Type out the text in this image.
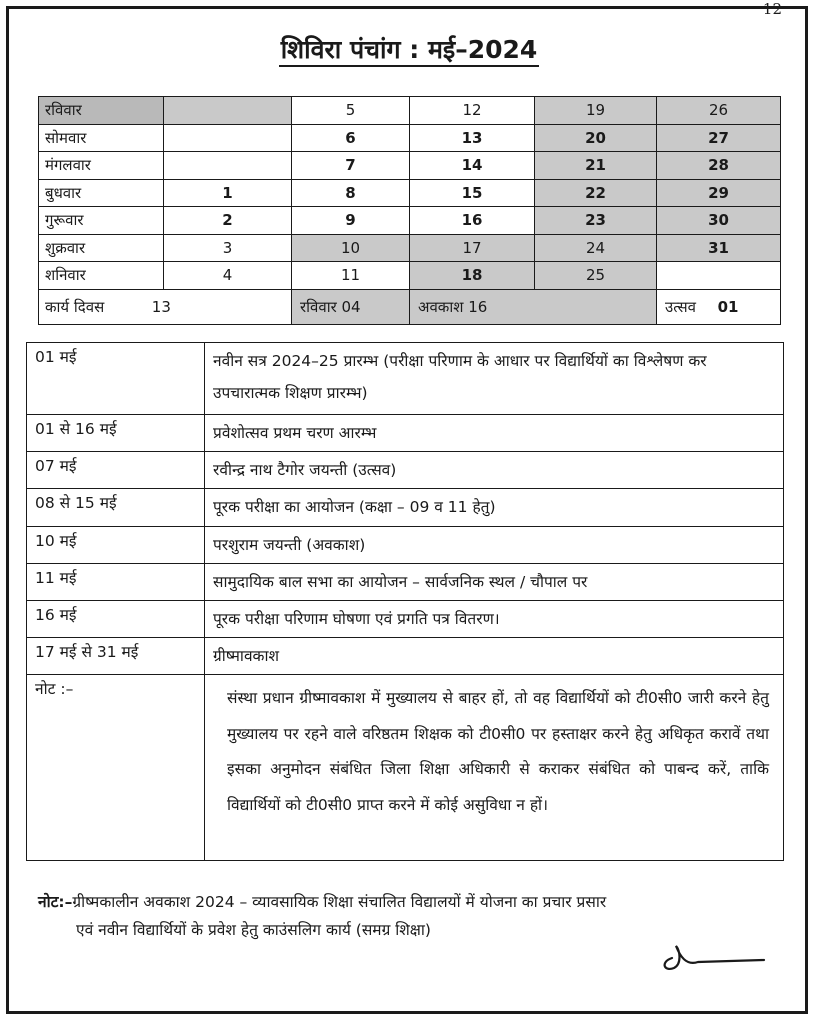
12
शिविरा पंचांग : मई–2024
रविवार		5	12	19	26
सोमवार		6	13	20	27
मंगलवार		7	14	21	28
बुधवार	1	8	15	22	29
गुरूवार	2	9	16	23	30
शुक्रवार	3	10	17	24	31
शनिवार	4	11	18	25	
कार्य दिवस 13		रविवार 04	अवकाश 16		उत्सव 01
01 मई	नवीन सत्र 2024–25 प्रारम्भ (परीक्षा परिणाम के आधार पर विद्यार्थियों का विश्लेषण कर उपचारात्मक शिक्षण प्रारम्भ)
01 से 16 मई	प्रवेशोत्सव प्रथम चरण आरम्भ
07 मई	रवीन्द्र नाथ टैगोर जयन्ती (उत्सव)
08 से 15 मई	पूरक परीक्षा का आयोजन (कक्षा – 09 व 11 हेतु)
10 मई	परशुराम जयन्ती (अवकाश)
11 मई	सामुदायिक बाल सभा का आयोजन – सार्वजनिक स्थल / चौपाल पर
16 मई	पूरक परीक्षा परिणाम घोषणा एवं प्रगति पत्र वितरण।
17 मई से 31 मई	ग्रीष्मावकाश
नोट :–	संस्था प्रधान ग्रीष्मावकाश में मुख्यालय से बाहर हों, तो वह विद्यार्थियों को टी0सी0 जारी करने हेतु मुख्यालय पर रहने वाले वरिष्ठतम शिक्षक को टी0सी0 पर हस्ताक्षर करने हेतु अधिकृत करावें तथा इसका अनुमोदन संबंधित जिला शिक्षा अधिकारी से कराकर संबंधित को पाबन्द करें, ताकि विद्यार्थियों को टी0सी0 प्राप्त करने में कोई असुविधा न हों।
नोट:–ग्रीष्मकालीन अवकाश 2024 – व्यावसायिक शिक्षा संचालित विद्यालयों में योजना का प्रचार प्रसार
एवं नवीन विद्यार्थियों के प्रवेश हेतु काउंसलिग कार्य (समग्र शिक्षा)
